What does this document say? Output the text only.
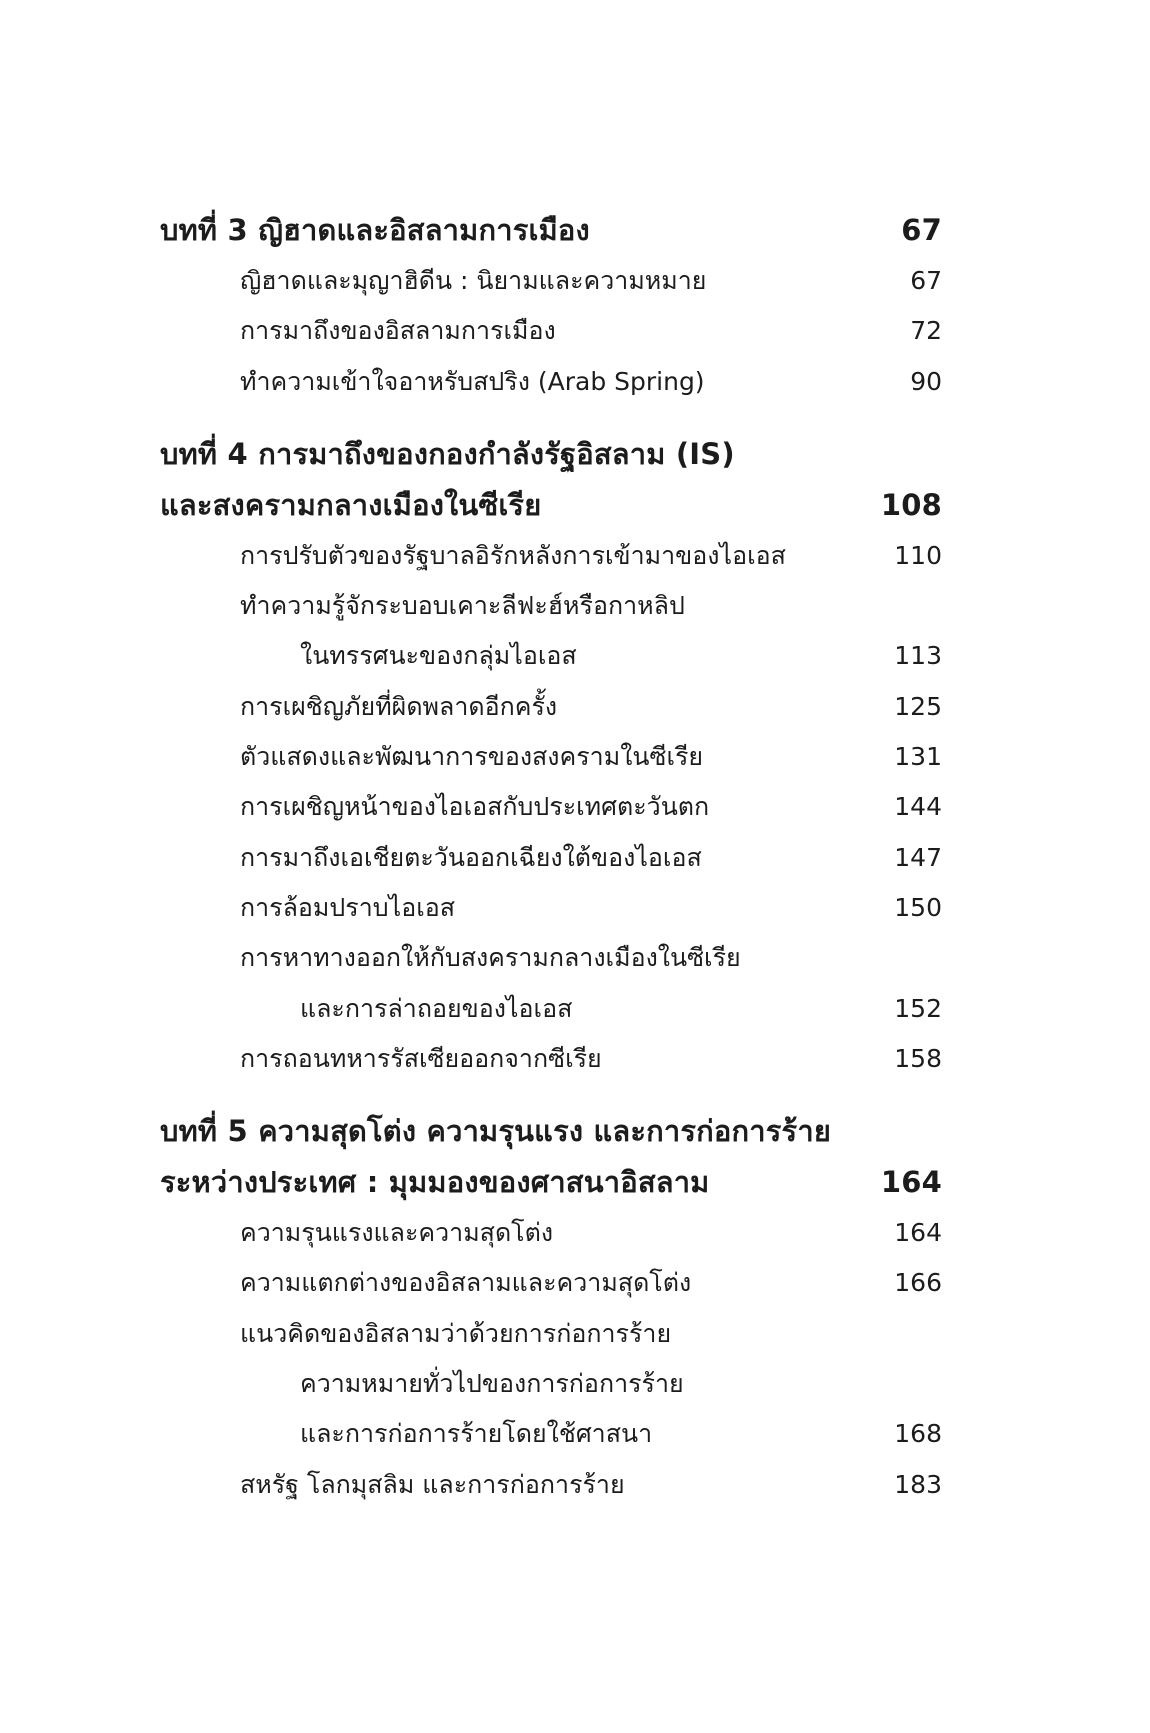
บทที่ 3 ญิฮาดและอิสลามการเมือง	67
ญิฮาดและมุญาฮิดีน : นิยามและความหมาย	67
การมาถึงของอิสลามการเมือง	72
ทำความเข้าใจอาหรับสปริง (Arab Spring)	90
บทที่ 4 การมาถึงของกองกำลังรัฐอิสลาม (IS)
และสงครามกลางเมืองในซีเรีย	108
การปรับตัวของรัฐบาลอิรักหลังการเข้ามาของไอเอส	110
ทำความรู้จักระบอบเคาะลีฟะฮ์หรือกาหลิป
ในทรรศนะของกลุ่มไอเอส	113
การเผชิญภัยที่ผิดพลาดอีกครั้ง	125
ตัวแสดงและพัฒนาการของสงครามในซีเรีย	131
การเผชิญหน้าของไอเอสกับประเทศตะวันตก	144
การมาถึงเอเชียตะวันออกเฉียงใต้ของไอเอส	147
การล้อมปราบไอเอส	150
การหาทางออกให้กับสงครามกลางเมืองในซีเรีย
และการล่าถอยของไอเอส	152
การถอนทหารรัสเซียออกจากซีเรีย	158
บทที่ 5 ความสุดโต่ง ความรุนแรง และการก่อการร้าย
ระหว่างประเทศ : มุมมองของศาสนาอิสลาม	164
ความรุนแรงและความสุดโต่ง	164
ความแตกต่างของอิสลามและความสุดโต่ง	166
แนวคิดของอิสลามว่าด้วยการก่อการร้าย
ความหมายทั่วไปของการก่อการร้าย
และการก่อการร้ายโดยใช้ศาสนา	168
สหรัฐ โลกมุสลิม และการก่อการร้าย	183
